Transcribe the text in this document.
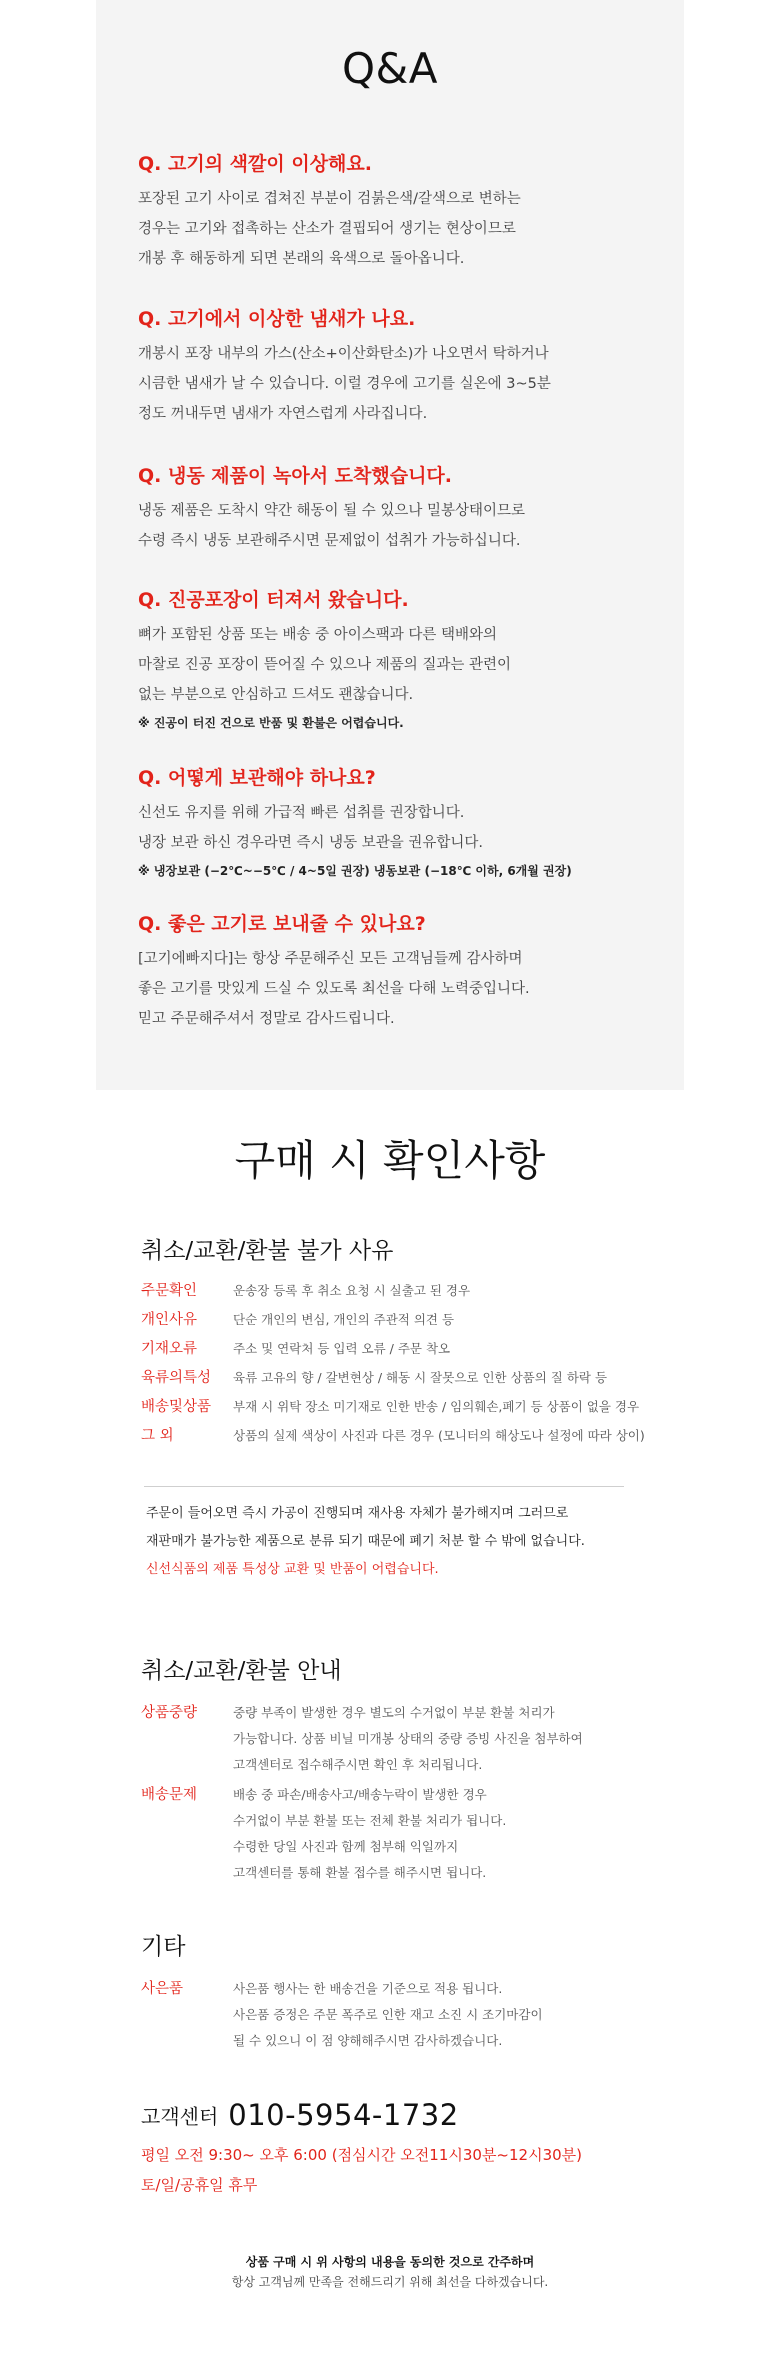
Q&A
Q. 고기의 색깔이 이상해요.
포장된 고기 사이로 겹쳐진 부분이 검붉은색/갈색으로 변하는
경우는 고기와 접촉하는 산소가 결핍되어 생기는 현상이므로
개봉 후 해동하게 되면 본래의 육색으로 돌아옵니다.
Q. 고기에서 이상한 냄새가 나요.
개봉시 포장 내부의 가스(산소+이산화탄소)가 나오면서 탁하거나
시큼한 냄새가 날 수 있습니다. 이럴 경우에 고기를 실온에 3~5분
정도 꺼내두면 냄새가 자연스럽게 사라집니다.
Q. 냉동 제품이 녹아서 도착했습니다.
냉동 제품은 도착시 약간 해동이 될 수 있으나 밀봉상태이므로
수령 즉시 냉동 보관해주시면 문제없이 섭취가 가능하십니다.
Q. 진공포장이 터져서 왔습니다.
뼈가 포함된 상품 또는 배송 중 아이스팩과 다른 택배와의
마찰로 진공 포장이 뜯어질 수 있으나 제품의 질과는 관련이
없는 부분으로 안심하고 드셔도 괜찮습니다.
※ 진공이 터진 건으로 반품 및 환불은 어렵습니다.
Q. 어떻게 보관해야 하나요?
신선도 유지를 위해 가급적 빠른 섭취를 권장합니다.
냉장 보관 하신 경우라면 즉시 냉동 보관을 권유합니다.
※ 냉장보관 (−2℃~−5℃ / 4~5일 권장) 냉동보관 (−18℃ 이하, 6개월 권장)
Q. 좋은 고기로 보내줄 수 있나요?
[고기에빠지다]는 항상 주문해주신 모든 고객님들께 감사하며
좋은 고기를 맛있게 드실 수 있도록 최선을 다해 노력중입니다.
믿고 주문해주셔서 정말로 감사드립니다.
구매 시 확인사항
취소/교환/환불 불가 사유
주문확인	운송장 등록 후 취소 요청 시 실출고 된 경우
개인사유	단순 개인의 변심, 개인의 주관적 의견 등
기재오류	주소 및 연락처 등 입력 오류 / 주문 착오
육류의특성 육류 고유의 향 / 갈변현상 / 해동 시 잘못으로 인한 상품의 질 하락 등
배송및상품 부재 시 위탁 장소 미기재로 인한 반송 / 임의훼손,폐기 등 상품이 없을 경우
그 외	상품의 실제 색상이 사진과 다른 경우 (모니터의 해상도나 설정에 따라 상이)
주문이 들어오면 즉시 가공이 진행되며 재사용 자체가 불가해지며 그러므로
재판매가 불가능한 제품으로 분류 되기 때문에 폐기 처분 할 수 밖에 없습니다.
신선식품의 제품 특성상 교환 및 반품이 어렵습니다.
취소/교환/환불 안내
상품중량	중량 부족이 발생한 경우 별도의 수거없이 부분 환불 처리가
가능합니다. 상품 비닐 미개봉 상태의 중량 증빙 사진을 첨부하여
고객센터로 접수해주시면 확인 후 처리됩니다.
배송문제	배송 중 파손/배송사고/배송누락이 발생한 경우
수거없이 부분 환불 또는 전체 환불 처리가 됩니다.
수령한 당일 사진과 함께 첨부해 익일까지
고객센터를 통해 환불 접수를 해주시면 됩니다.
기타
사은품	사은품 행사는 한 배송건을 기준으로 적용 됩니다.
사은품 증정은 주문 폭주로 인한 재고 소진 시 조기마감이
될 수 있으니 이 점 양해해주시면 감사하겠습니다.
고객센터 010-5954-1732
평일 오전 9:30~ 오후 6:00 (점심시간 오전11시30분~12시30분)
토/일/공휴일 휴무
상품 구매 시 위 사항의 내용을 동의한 것으로 간주하며
항상 고객님께 만족을 전해드리기 위해 최선을 다하겠습니다.
